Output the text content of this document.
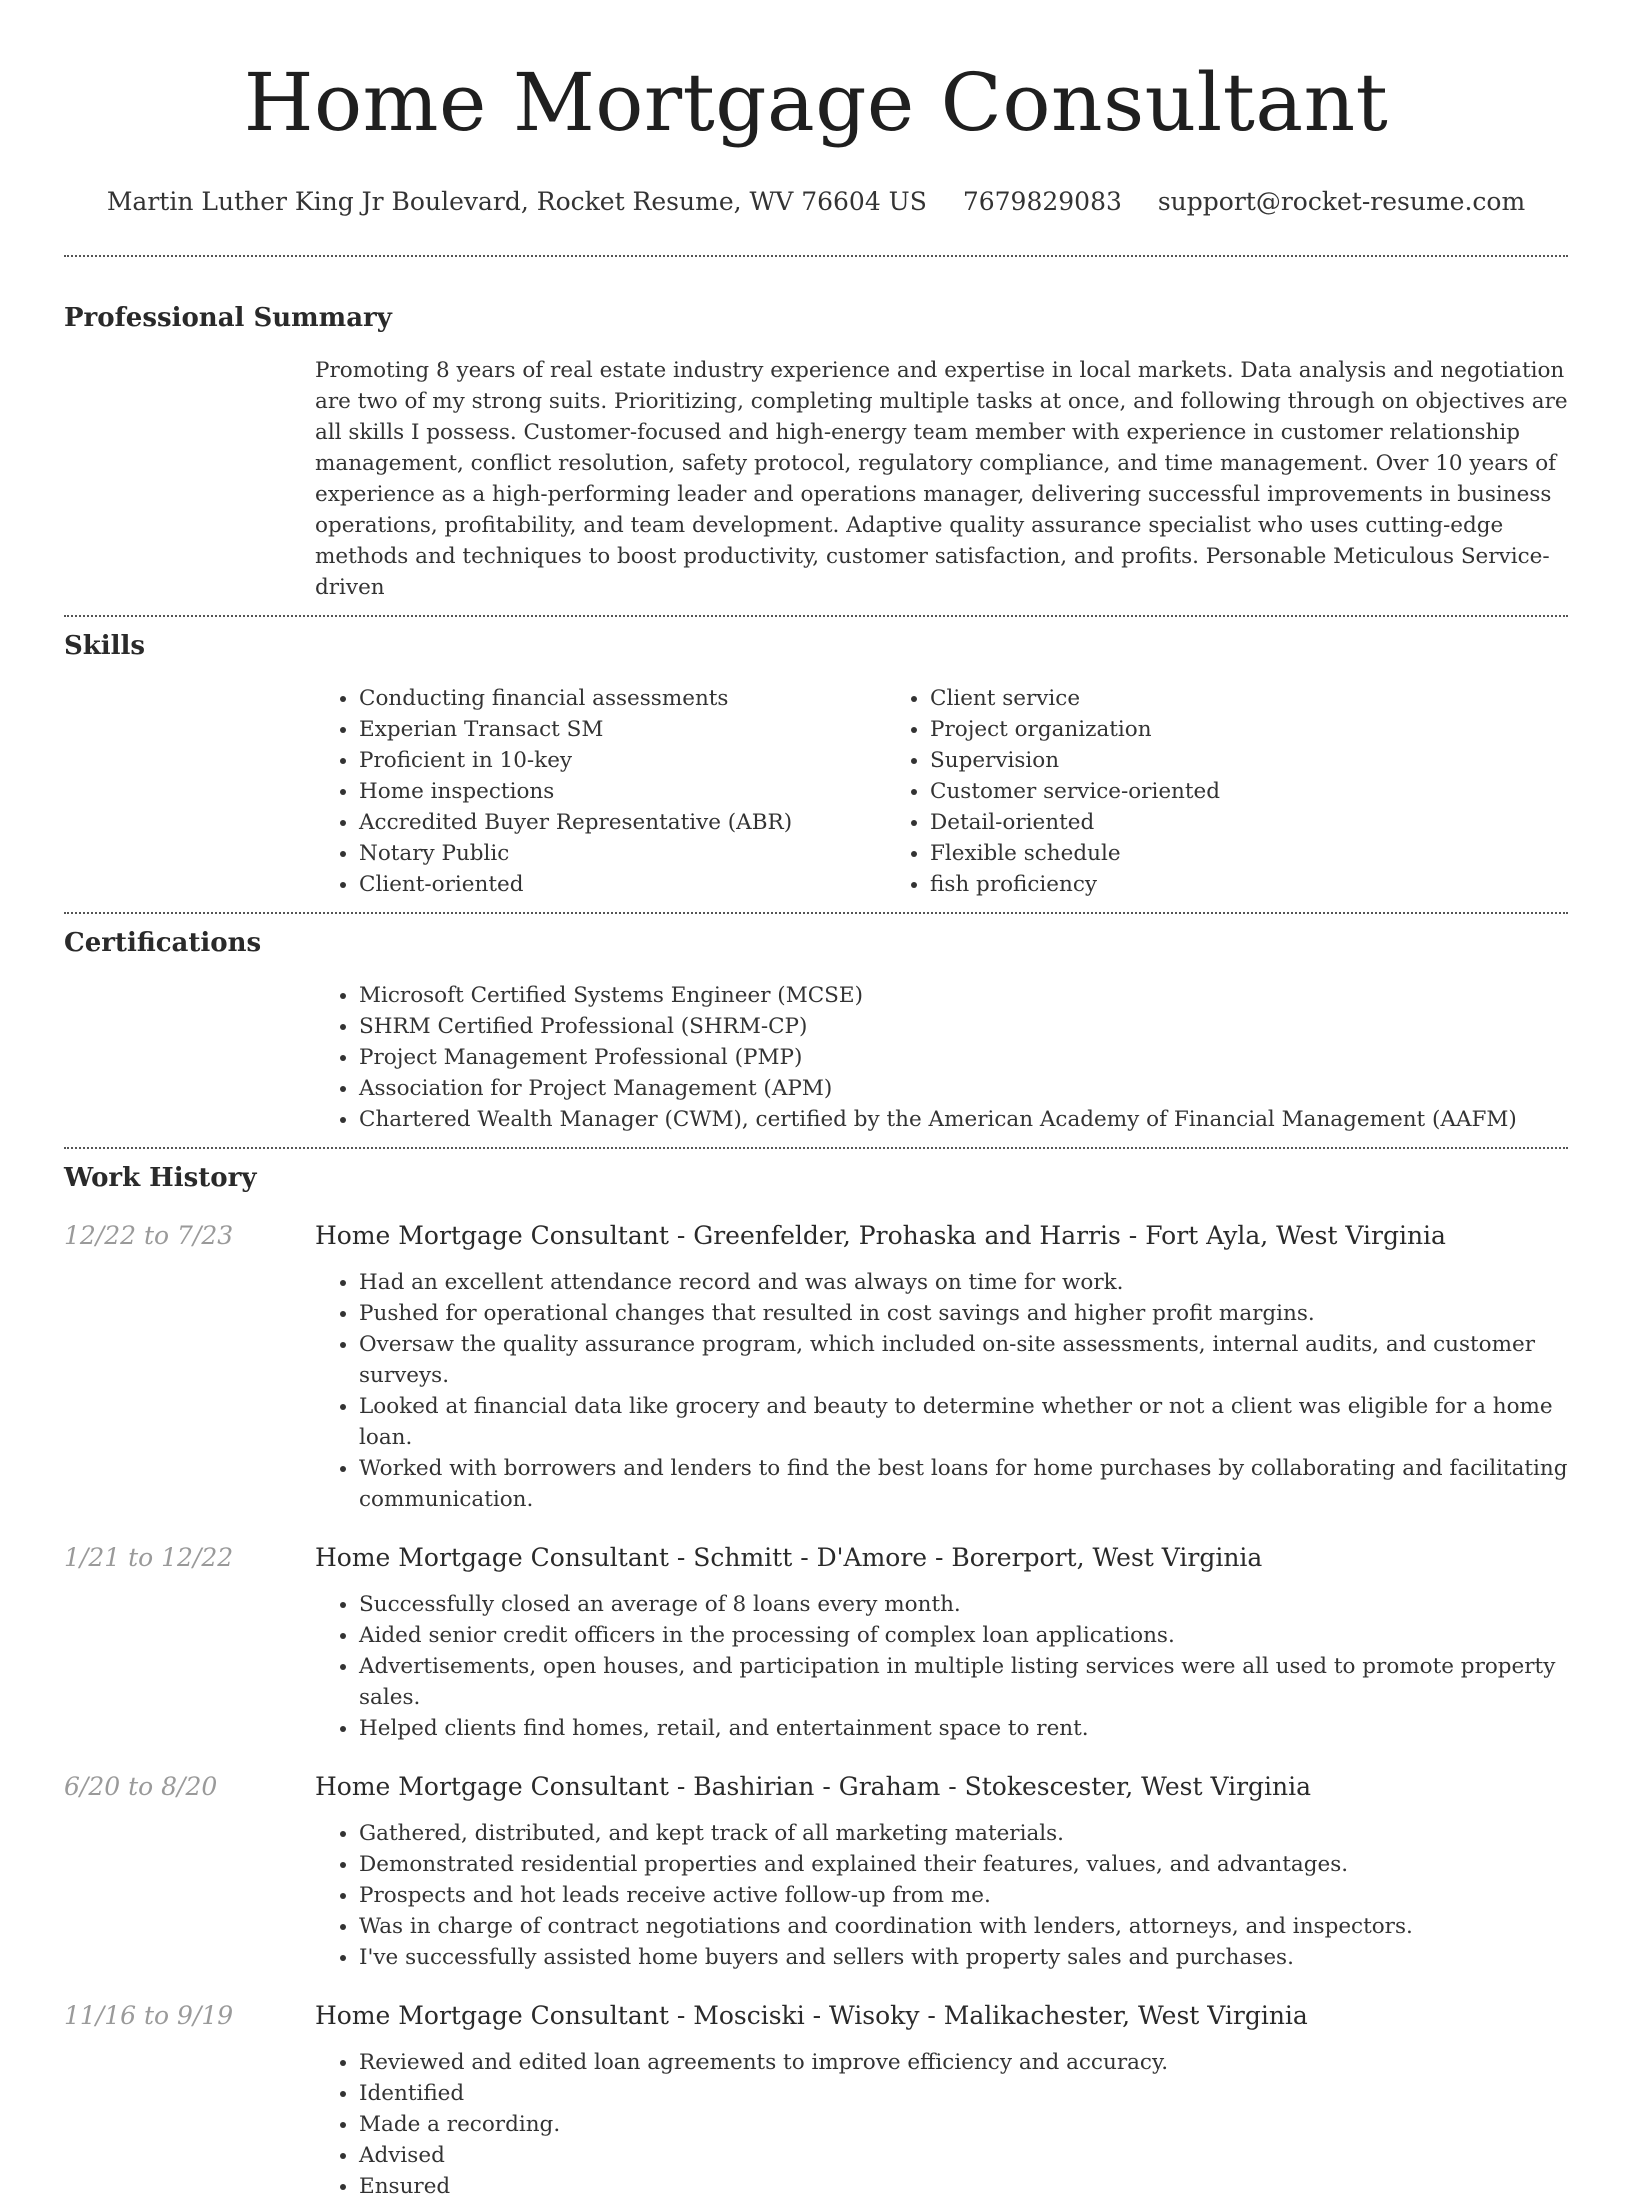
Home Mortgage Consultant
Martin Luther King Jr Boulevard, Rocket Resume, WV 76604 US 7679829083 support@rocket-resume.com
Professional Summary
Promoting 8 years of real estate industry experience and expertise in local markets. Data analysis and negotiation are two of my strong suits. Prioritizing, completing multiple tasks at once, and following through on objectives are all skills I possess. Customer-focused and high-energy team member with experience in customer relationship management, conflict resolution, safety protocol, regulatory compliance, and time management. Over 10 years of experience as a high-performing leader and operations manager, delivering successful improvements in business operations, profitability, and team development. Adaptive quality assurance specialist who uses cutting-edge methods and techniques to boost productivity, customer satisfaction, and profits. Personable Meticulous Service-driven
Skills
• Conducting financial assessments
• Experian Transact SM
• Proficient in 10-key
• Home inspections
• Accredited Buyer Representative (ABR)
• Notary Public
• Client-oriented
• Client service
• Project organization
• Supervision
• Customer service-oriented
• Detail-oriented
• Flexible schedule
• fish proficiency
Certifications
• Microsoft Certified Systems Engineer (MCSE)
• SHRM Certified Professional (SHRM-CP)
• Project Management Professional (PMP)
• Association for Project Management (APM)
• Chartered Wealth Manager (CWM), certified by the American Academy of Financial Management (AAFM)
Work History
12/22 to 7/23	Home Mortgage Consultant - Greenfelder, Prohaska and Harris - Fort Ayla, West Virginia
• Had an excellent attendance record and was always on time for work.
• Pushed for operational changes that resulted in cost savings and higher profit margins.
• Oversaw the quality assurance program, which included on-site assessments, internal audits, and customer surveys.
• Looked at financial data like grocery and beauty to determine whether or not a client was eligible for a home loan.
• Worked with borrowers and lenders to find the best loans for home purchases by collaborating and facilitating communication.
1/21 to 12/22	Home Mortgage Consultant - Schmitt - D'Amore - Borerport, West Virginia
• Successfully closed an average of 8 loans every month.
• Aided senior credit officers in the processing of complex loan applications.
• Advertisements, open houses, and participation in multiple listing services were all used to promote property sales.
• Helped clients find homes, retail, and entertainment space to rent.
6/20 to 8/20	Home Mortgage Consultant - Bashirian - Graham - Stokescester, West Virginia
• Gathered, distributed, and kept track of all marketing materials.
• Demonstrated residential properties and explained their features, values, and advantages.
• Prospects and hot leads receive active follow-up from me.
• Was in charge of contract negotiations and coordination with lenders, attorneys, and inspectors.
• I've successfully assisted home buyers and sellers with property sales and purchases.
11/16 to 9/19	Home Mortgage Consultant - Mosciski - Wisoky - Malikachester, West Virginia
• Reviewed and edited loan agreements to improve efficiency and accuracy.
• Identified
• Made a recording.
• Advised
• Ensured
